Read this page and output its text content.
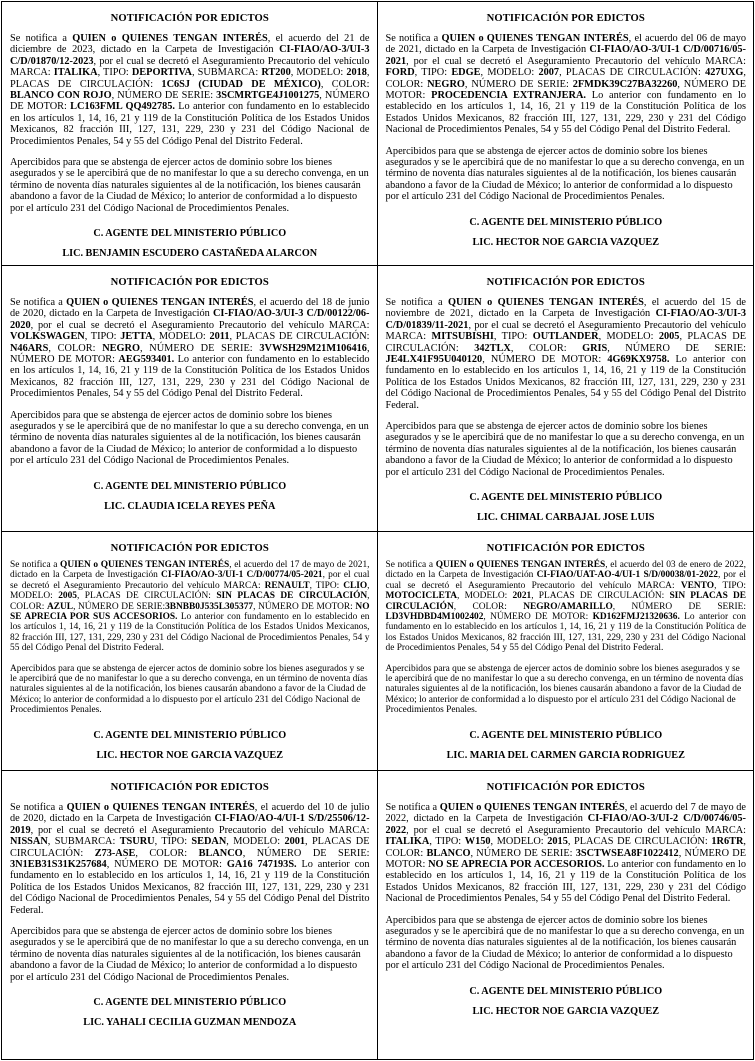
NOTIFICACIÓN POR EDICTOS

Se notifica a QUIEN o QUIENES TENGAN INTERÉS, el acuerdo del 21 de diciembre de 2023, dictado en la Carpeta de Investigación CI-FIAO/AO-3/UI-3 C/D/01870/12-2023, por el cual se decretó el Aseguramiento Precautorio del vehículo MARCA: ITALIKA, TIPO: DEPORTIVA, SUBMARCA: RT200, MODELO: 2018, PLACAS DE CIRCULACIÓN: 1C6SJ (CIUDAD DE MÉXICO), COLOR: BLANCO CON ROJO, NÚMERO DE SERIE: 3SCMRTGE4J1001275, NÚMERO DE MOTOR: LC163FML QQ492785. Lo anterior con fundamento en lo establecido en los artículos 1, 14, 16, 21 y 119 de la Constitución Política de los Estados Unidos Mexicanos, 82 fracción III, 127, 131, 229, 230 y 231 del Código Nacional de Procedimientos Penales, 54 y 55 del Código Penal del Distrito Federal.

Apercibidos para que se abstenga de ejercer actos de dominio sobre los bienes asegurados y se le apercibirá que de no manifestar lo que a su derecho convenga, en un término de noventa días naturales siguientes al de la notificación, los bienes causarán abandono a favor de la Ciudad de México; lo anterior de conformidad a lo dispuesto por el artículo 231 del Código Nacional de Procedimientos Penales.

C. AGENTE DEL MINISTERIO PÚBLICO
LIC. BENJAMIN ESCUDERO CASTAÑEDA ALARCON
NOTIFICACIÓN POR EDICTOS

Se notifica a QUIEN o QUIENES TENGAN INTERÉS, el acuerdo del 06 de mayo de 2021, dictado en la Carpeta de Investigación CI-FIAO/AO-3/UI-1 C/D/00716/05-2021, por el cual se decretó el Aseguramiento Precautorio del vehículo MARCA: FORD, TIPO: EDGE, MODELO: 2007, PLACAS DE CIRCULACIÓN: 427UXG, COLOR: NEGRO, NÚMERO DE SERIE: 2FMDK39C27BA32260, NÚMERO DE MOTOR: PROCEDENCIA EXTRANJERA. Lo anterior con fundamento en lo establecido en los artículos 1, 14, 16, 21 y 119 de la Constitución Política de los Estados Unidos Mexicanos, 82 fracción III, 127, 131, 229, 230 y 231 del Código Nacional de Procedimientos Penales, 54 y 55 del Código Penal del Distrito Federal.

Apercibidos para que se abstenga de ejercer actos de dominio sobre los bienes asegurados y se le apercibirá que de no manifestar lo que a su derecho convenga, en un término de noventa días naturales siguientes al de la notificación, los bienes causarán abandono a favor de la Ciudad de México; lo anterior de conformidad a lo dispuesto por el artículo 231 del Código Nacional de Procedimientos Penales.

C. AGENTE DEL MINISTERIO PÚBLICO
LIC. HECTOR NOE GARCIA VAZQUEZ
NOTIFICACIÓN POR EDICTOS

Se notifica a QUIEN o QUIENES TENGAN INTERÉS, el acuerdo del 18 de junio de 2020, dictado en la Carpeta de Investigación CI-FIAO/AO-3/UI-3 C/D/00122/06-2020, por el cual se decretó el Aseguramiento Precautorio del vehículo MARCA: VOLKSWAGEN, TIPO: JETTA, MODELO: 2011, PLACAS DE CIRCULACIÓN: N46ARS, COLOR: NEGRO, NÚMERO DE SERIE: 3VWSH29M21M106416, NÚMERO DE MOTOR: AEG593401. Lo anterior con fundamento en lo establecido en los artículos 1, 14, 16, 21 y 119 de la Constitución Política de los Estados Unidos Mexicanos, 82 fracción III, 127, 131, 229, 230 y 231 del Código Nacional de Procedimientos Penales, 54 y 55 del Código Penal del Distrito Federal.

Apercibidos para que se abstenga de ejercer actos de dominio sobre los bienes asegurados y se le apercibirá que de no manifestar lo que a su derecho convenga, en un término de noventa días naturales siguientes al de la notificación, los bienes causarán abandono a favor de la Ciudad de México; lo anterior de conformidad a lo dispuesto por el artículo 231 del Código Nacional de Procedimientos Penales.

C. AGENTE DEL MINISTERIO PÚBLICO
LIC. CLAUDIA ICELA REYES PEÑA
NOTIFICACIÓN POR EDICTOS

Se notifica a QUIEN o QUIENES TENGAN INTERÉS, el acuerdo del 15 de noviembre de 2021, dictado en la Carpeta de Investigación CI-FIAO/AO-3/UI-3 C/D/01839/11-2021, por el cual se decretó el Aseguramiento Precautorio del vehículo MARCA: MITSUBISHI, TIPO: OUTLANDER, MODELO: 2005, PLACAS DE CIRCULACIÓN: 342TLX, COLOR: GRIS, NÚMERO DE SERIE: JE4LX41F95U040120, NÚMERO DE MOTOR: 4G69KX9758. Lo anterior con fundamento en lo establecido en los artículos 1, 14, 16, 21 y 119 de la Constitución Política de los Estados Unidos Mexicanos, 82 fracción III, 127, 131, 229, 230 y 231 del Código Nacional de Procedimientos Penales, 54 y 55 del Código Penal del Distrito Federal.

Apercibidos para que se abstenga de ejercer actos de dominio sobre los bienes asegurados y se le apercibirá que de no manifestar lo que a su derecho convenga, en un término de noventa días naturales siguientes al de la notificación, los bienes causarán abandono a favor de la Ciudad de México; lo anterior de conformidad a lo dispuesto por el artículo 231 del Código Nacional de Procedimientos Penales.

C. AGENTE DEL MINISTERIO PÚBLICO
LIC. CHIMAL CARBAJAL JOSE LUIS
NOTIFICACIÓN POR EDICTOS

Se notifica a QUIEN o QUIENES TENGAN INTERÉS, el acuerdo del 17 de mayo de 2021, dictado en la Carpeta de Investigación CI-FIAO/AO-3/UI-1 C/D/00774/05-2021, por el cual se decretó el Aseguramiento Precautorio del vehículo MARCA: RENAULT, TIPO: CLIO, MODELO: 2005, PLACAS DE CIRCULACIÓN: SIN PLACAS DE CIRCULACIÓN, COLOR: AZUL, NÚMERO DE SERIE:3BNBB0J535L305377, NÚMERO DE MOTOR: NO SE APRECIA POR SUS ACCESORIOS. Lo anterior con fundamento en lo establecido en los artículos 1, 14, 16, 21 y 119 de la Constitución Política de los Estados Unidos Mexicanos, 82 fracción III, 127, 131, 229, 230 y 231 del Código Nacional de Procedimientos Penales, 54 y 55 del Código Penal del Distrito Federal.

Apercibidos para que se abstenga de ejercer actos de dominio sobre los bienes asegurados y se le apercibirá que de no manifestar lo que a su derecho convenga, en un término de noventa días naturales siguientes al de la notificación, los bienes causarán abandono a favor de la Ciudad de México; lo anterior de conformidad a lo dispuesto por el artículo 231 del Código Nacional de Procedimientos Penales.

C. AGENTE DEL MINISTERIO PÚBLICO
LIC. HECTOR NOE GARCIA VAZQUEZ
NOTIFICACIÓN POR EDICTOS

Se notifica a QUIEN o QUIENES TENGAN INTERÉS, el acuerdo del 03 de enero de 2022, dictado en la Carpeta de Investigación CI-FIAO/UAT-AO-4/UI-1 S/D/00038/01-2022, por el cual se decretó el Aseguramiento Precautorio del vehículo MARCA: VENTO, TIPO: MOTOCICLETA, MODELO: 2021, PLACAS DE CIRCULACIÓN: SIN PLACAS DE CIRCULACIÓN, COLOR: NEGRO/AMARILLO, NÚMERO DE SERIE: LD3VHDBD4M1002402, NÚMERO DE MOTOR: KD162FMJ21320636. Lo anterior con fundamento en lo establecido en los artículos 1, 14, 16, 21 y 119 de la Constitución Política de los Estados Unidos Mexicanos, 82 fracción III, 127, 131, 229, 230 y 231 del Código Nacional de Procedimientos Penales, 54 y 55 del Código Penal del Distrito Federal.

Apercibidos para que se abstenga de ejercer actos de dominio sobre los bienes asegurados y se le apercibirá que de no manifestar lo que a su derecho convenga, en un término de noventa días naturales siguientes al de la notificación, los bienes causarán abandono a favor de la Ciudad de México; lo anterior de conformidad a lo dispuesto por el artículo 231 del Código Nacional de Procedimientos Penales.

C. AGENTE DEL MINISTERIO PÚBLICO
LIC. MARIA DEL CARMEN GARCIA RODRIGUEZ
NOTIFICACIÓN POR EDICTOS

Se notifica a QUIEN o QUIENES TENGAN INTERÉS, el acuerdo del 10 de julio de 2020, dictado en la Carpeta de Investigación CI-FIAO/AO-4/UI-1 S/D/25506/12-2019, por el cual se decretó el Aseguramiento Precautorio del vehículo MARCA: NISSAN, SUBMARCA: TSURU, TIPO: SEDAN, MODELO: 2001, PLACAS DE CIRCULACIÓN: Z73-ASE, COLOR: BLANCO, NÚMERO DE SERIE: 3N1EB31S31K257684, NÚMERO DE MOTOR: GA16 747193S. Lo anterior con fundamento en lo establecido en los artículos 1, 14, 16, 21 y 119 de la Constitución Política de los Estados Unidos Mexicanos, 82 fracción III, 127, 131, 229, 230 y 231 del Código Nacional de Procedimientos Penales, 54 y 55 del Código Penal del Distrito Federal.

Apercibidos para que se abstenga de ejercer actos de dominio sobre los bienes asegurados y se le apercibirá que de no manifestar lo que a su derecho convenga, en un término de noventa días naturales siguientes al de la notificación, los bienes causarán abandono a favor de la Ciudad de México; lo anterior de conformidad a lo dispuesto por el artículo 231 del Código Nacional de Procedimientos Penales.

C. AGENTE DEL MINISTERIO PÚBLICO
LIC. YAHALI CECILIA GUZMAN MENDOZA
NOTIFICACIÓN POR EDICTOS

Se notifica a QUIEN o QUIENES TENGAN INTERÉS, el acuerdo del 7 de mayo de 2022, dictado en la Carpeta de Investigación CI-FIAO/AO-3/UI-2 C/D/00746/05-2022, por el cual se decretó el Aseguramiento Precautorio del vehículo MARCA: ITALIKA, TIPO: W150, MODELO: 2015, PLACAS DE CIRCULACIÓN: 1R6TR, COLOR: BLANCO, NÚMERO DE SERIE: 3SCTWSEA8F1022412, NÚMERO DE MOTOR: NO SE APRECIA POR ACCESORIOS. Lo anterior con fundamento en lo establecido en los artículos 1, 14, 16, 21 y 119 de la Constitución Política de los Estados Unidos Mexicanos, 82 fracción III, 127, 131, 229, 230 y 231 del Código Nacional de Procedimientos Penales, 54 y 55 del Código Penal del Distrito Federal.

Apercibidos para que se abstenga de ejercer actos de dominio sobre los bienes asegurados y se le apercibirá que de no manifestar lo que a su derecho convenga, en un término de noventa días naturales siguientes al de la notificación, los bienes causarán abandono a favor de la Ciudad de México; lo anterior de conformidad a lo dispuesto por el artículo 231 del Código Nacional de Procedimientos Penales.

C. AGENTE DEL MINISTERIO PÚBLICO
LIC. HECTOR NOE GARCIA VAZQUEZ
